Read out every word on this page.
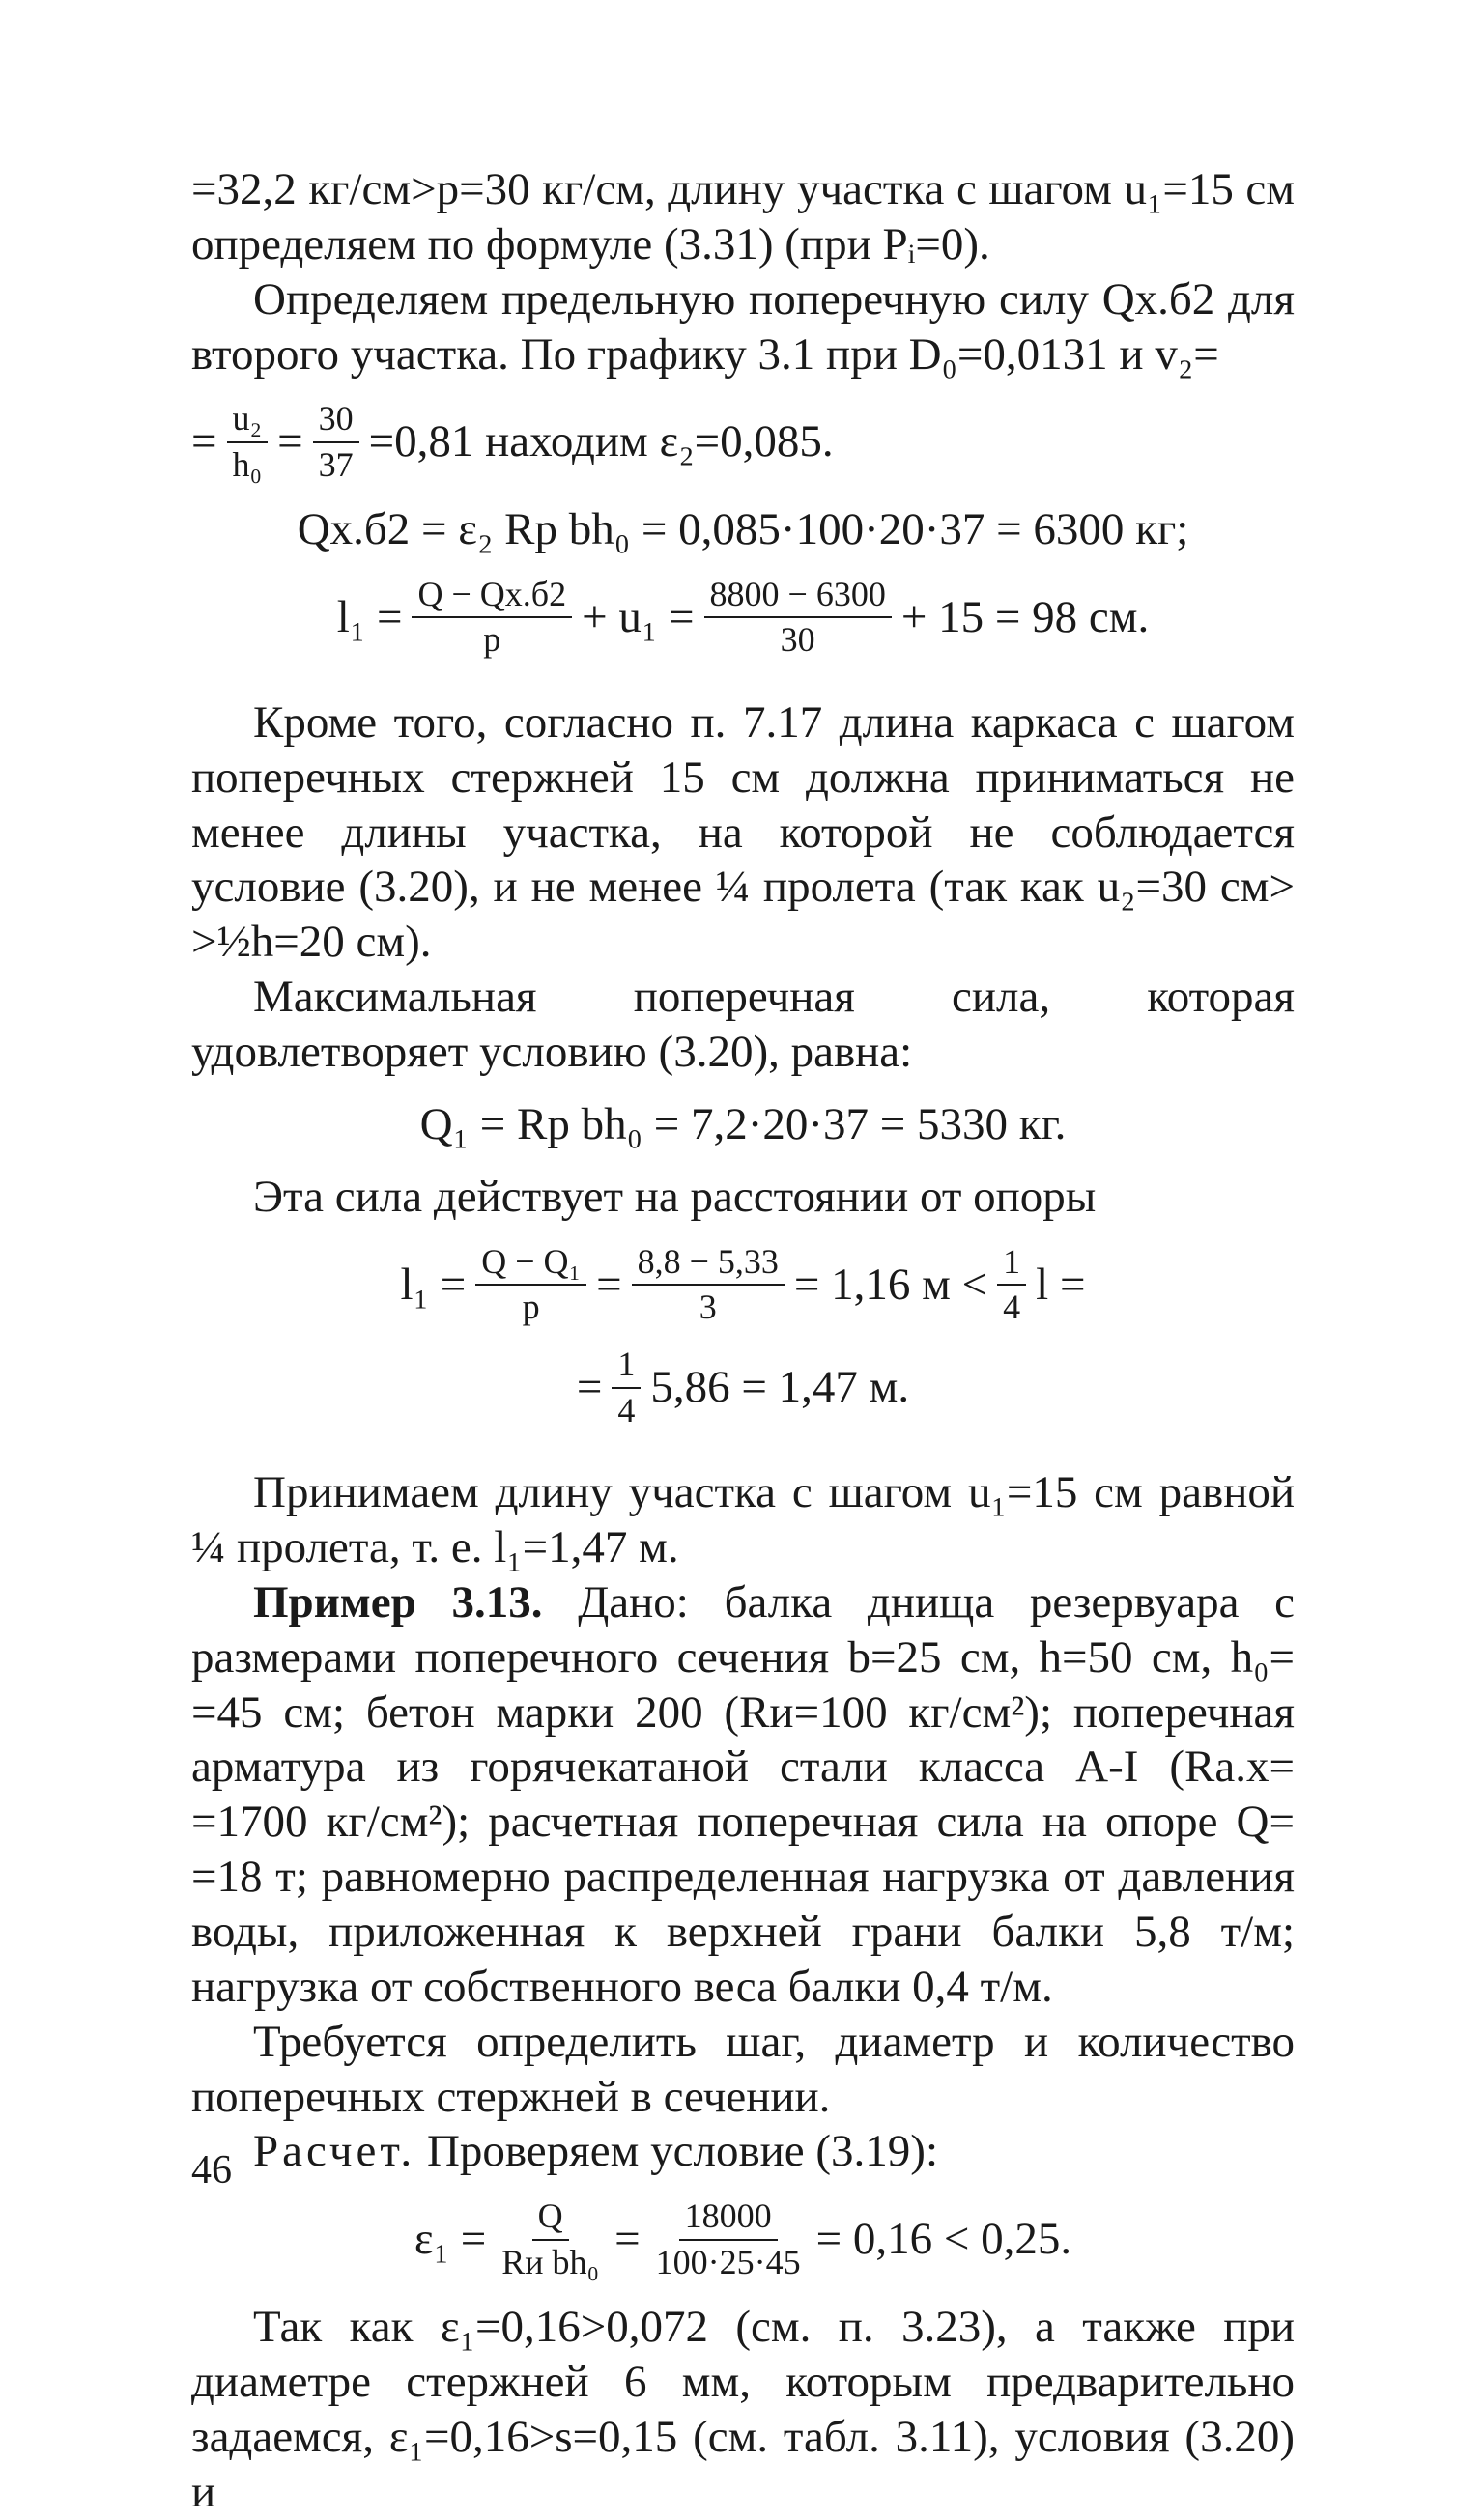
=32,2 кг/см>p=30 кг/см, длину участка с шагом u₁=15 см определяем по формуле (3.31) (при Pᵢ=0).

Определяем предельную поперечную силу Qх.б2 для второго участка. По графику 3.1 при D₀=0,0131 и v₂=

= $\frac{\text{u₂}}{\text{h₀}} = \frac{30}{37} =0,81$ находим ε₂=0,085.
Qх.б2 = ε₂ Rр bh₀ = 0,085·100·20·37 = 6300 кг;
$l_1 = \frac{Q - Qх.б2}{p} + u_1 = \frac{8800 - 6300}{30} + 15 = 98$ см.

Кроме того, согласно п. 7.17 длина каркаса с шагом поперечных стержней 15 см должна приниматься не менее длины участка, на которой не соблюдается условие (3.20), и не менее ¼ пролета (так как u₂=30 см> >½h=20 см).

Максимальная поперечная сила, которая удовлетворяет условию (3.20), равна:

Q₁ = Rр bh₀ = 7,2·20·37 = 5330 кг.

Эта сила действует на расстоянии от опоры

$l_1 = \frac{\text{Q − Q₁}}{p} = \frac{8,8 - 5,33}{3} = 1,16$ $м < \frac{1}{4}$ l =
= $\frac{1}{4} 5,86 = 1,47$ м.

Принимаем длину участка с шагом u₁=15 см равной ¼ пролета, т. е. l₁=1,47 м.

Пример 3.13. Дано: балка днища резервуара с размерами поперечного сечения b=25 см, h=50 см, h₀= =45 см; бетон марки 200 (Rи=100 кг/см²); поперечная арматура из горячекатаной стали класса А-I (Rа.х= =1700 кг/см²); расчетная поперечная сила на опоре Q= =18 т; равномерно распределенная нагрузка от давления воды, приложенная к верхней грани балки 5,8 т/м; нагрузка от собственного веса балки 0,4 т/м.

Требуется определить шаг, диаметр и количество поперечных стержней в сечении.

Расчет. Проверяем условие (3.19):

$\varepsilon_1 = \frac{Q}{\text{Rи bh₀}} = \frac{18000}{100\cdot 25\cdot 45} = 0,16 < 0,25$.

Так как ε₁=0,16>0,072 (см. п. 3.23), а также при диаметре стержней 6 мм, которым предварительно задаемся, ε₁=0,16>s=0,15 (см. табл. 3.11), условия (3.20) и

46
